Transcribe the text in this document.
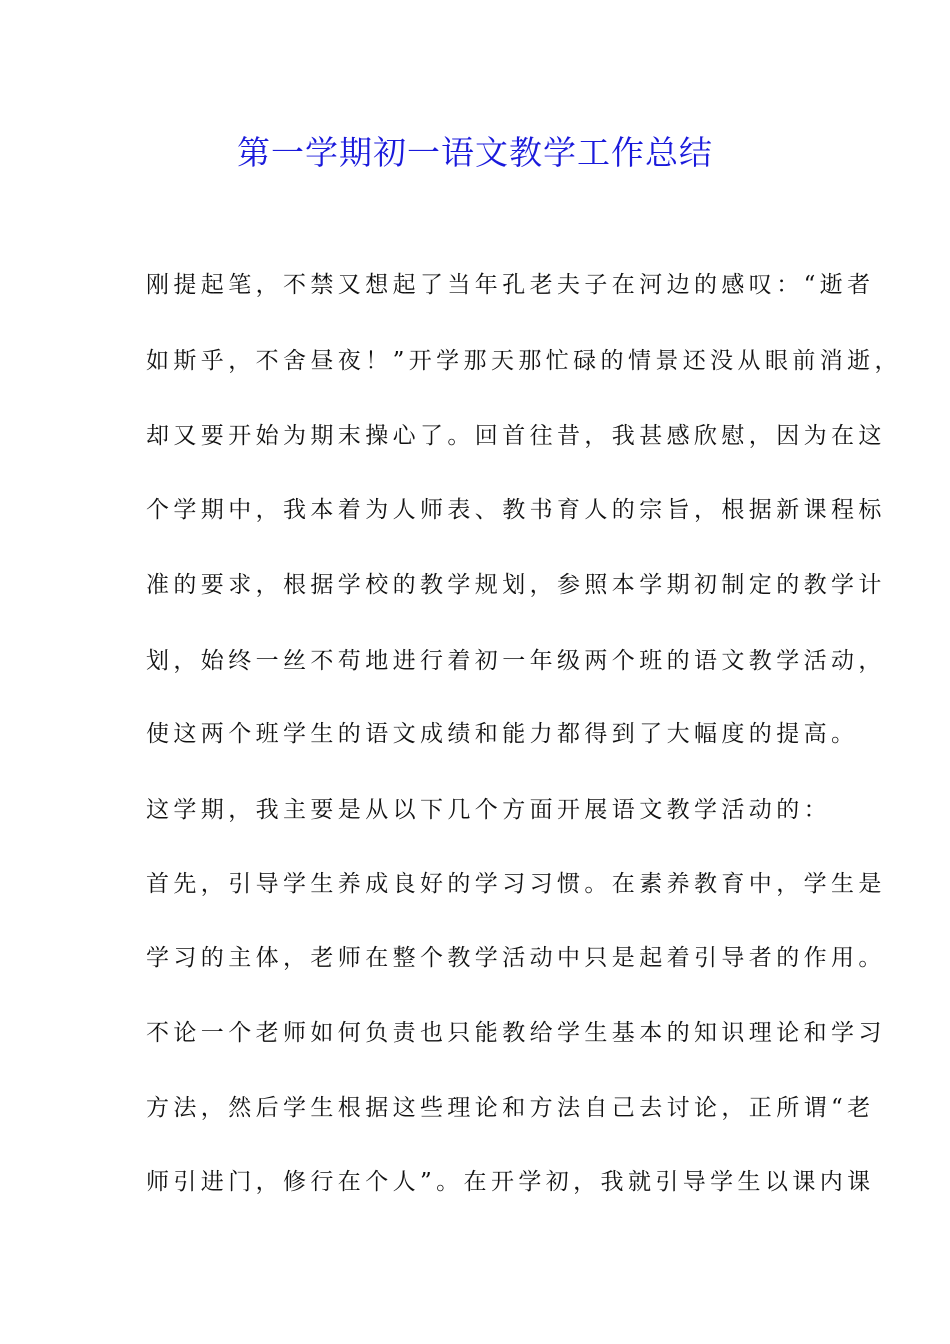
第一学期初一语文教学工作总结
刚提起笔，不禁又想起了当年孔老夫子在河边的感叹：“逝者
如斯乎，不舍昼夜！”开学那天那忙碌的情景还没从眼前消逝，
却又要开始为期末操心了。回首往昔，我甚感欣慰，因为在这
个学期中，我本着为人师表、教书育人的宗旨，根据新课程标
准的要求，根据学校的教学规划，参照本学期初制定的教学计
划，始终一丝不苟地进行着初一年级两个班的语文教学活动，
使这两个班学生的语文成绩和能力都得到了大幅度的提高。
这学期，我主要是从以下几个方面开展语文教学活动的：
首先，引导学生养成良好的学习习惯。在素养教育中，学生是
学习的主体，老师在整个教学活动中只是起着引导者的作用。
不论一个老师如何负责也只能教给学生基本的知识理论和学习
方法，然后学生根据这些理论和方法自己去讨论，正所谓“老
师引进门，修行在个人”。在开学初，我就引导学生以课内课
